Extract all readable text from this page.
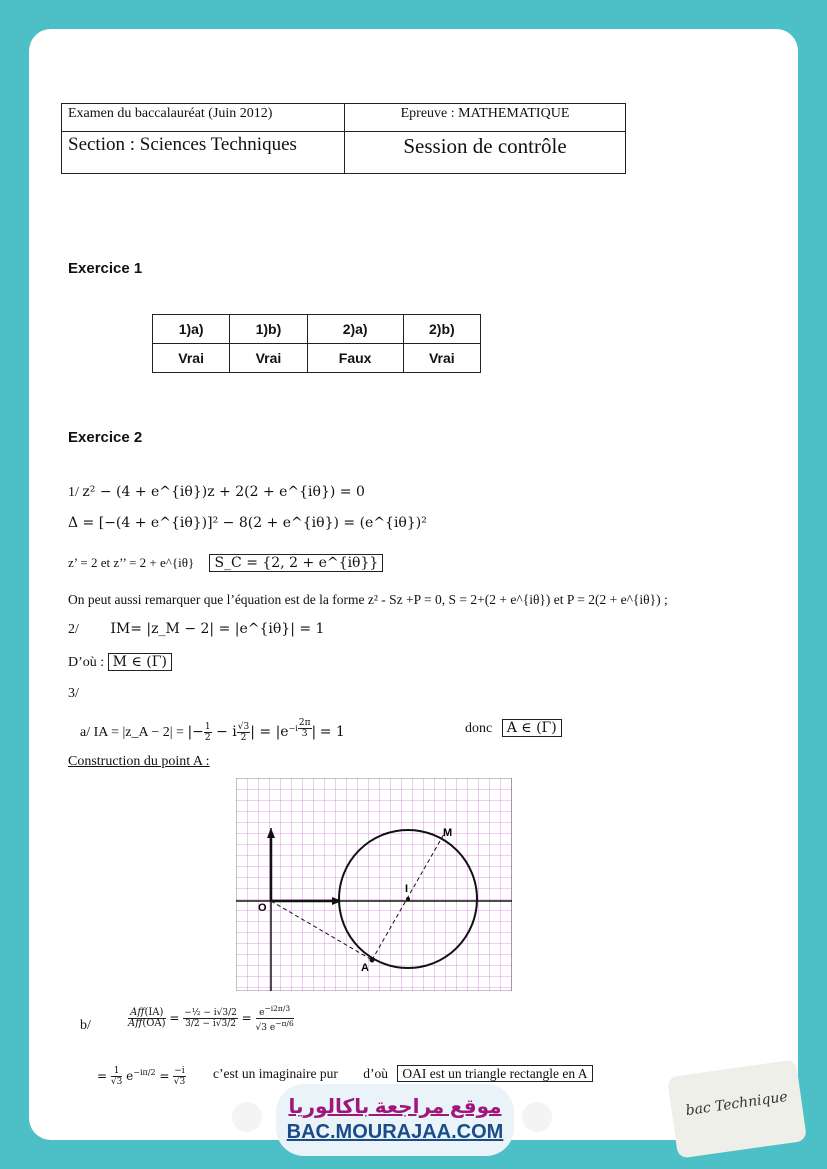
Examen du baccalauréat (Juin 2012)	Epreuve : MATHEMATIQUE
Section : Sciences Techniques	Session de contrôle
Exercice 1
1)a)	1)b)	2)a)	2)b)
Vrai	Vrai	Faux	Vrai
Exercice 2
1/ z² − (4 + e^{iθ})z + 2(2 + e^{iθ}) = 0
Δ = [−(4 + e^{iθ})]² − 8(2 + e^{iθ}) = (e^{iθ})²
z’ = 2 et z’’ = 2 + e^{iθ} S_C = {2, 2 + e^{iθ}}
On peut aussi remarquer que l’équation est de la forme z² - Sz +P = 0, S = 2+(2 + e^{iθ}) et P = 2(2 + e^{iθ}) ;
2/ IM= |z_M − 2| = |e^{iθ}| = 1
D’où : M ∈ (Γ)
3/
a/ IA = |z_A − 2| = |− $\frac{1}{2} - i \frac{√3}{2}$ | = $|e^{-i \frac{2\pi}{3}}$ | = 1	donc A ∈ (Γ)
Construction du point A :
M
I
O
A
b/	$\frac{\text{Aff(IA)}}{\text{Aff(OA)}} = \frac{\text{−½ − i√3/2}}{3/2 - i√3/2} = \frac{e^{-i2\pi/3}}{√3 e^{-\pi/6}}$
= $\frac{1}{√3} e^{-i\pi/2} = \frac{-i}{√3}$ c’est un imaginaire pur d’où OAI est un triangle rectangle en A
موقع مراجعة باكالوريا
BAC.MOURAJAA.COM
bac Technique
